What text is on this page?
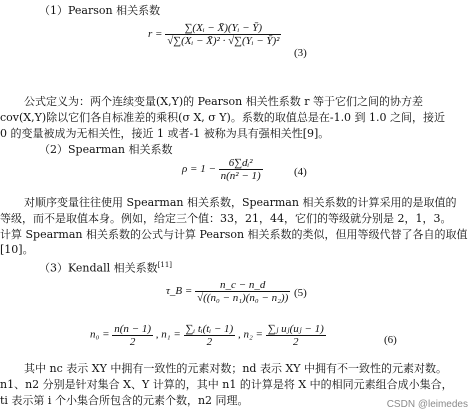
（1）Pearson 相关系数
$r = \frac{\text{∑(Xᵢ − X̄)(Yᵢ − Ȳ)}}{\text{√∑(Xᵢ − X̄)² · √∑(Yᵢ − Ȳ)²}}$
(3)
公式定义为：两个连续变量(X,Y)的 Pearson 相关性系数 r 等于它们之间的协方差
cov(X,Y)除以它们各自标准差的乘积(σ X, σ Y)。系数的取值总是在-1.0 到 1.0 之间，接近
0 的变量被成为无相关性，接近 1 或者-1 被称为具有强相关性[9]。
（2）Spearman 相关系数
$\rho = 1 - \frac{\text{6∑dᵢ²}}{\text{n(n² − 1)}}$	(4)
对顺序变量往往使用 Spearman 相关系数，Spearman 相关系数的计算采用的是取值的
等级，而不是取值本身。例如，给定三个值：33，21，44，它们的等级就分别是 2，1，3。
计算 Spearman 相关系数的公式与计算 Pearson 相关系数的类似，但用等级代替了各自的取值
[10]。
（3）Kendall 相关系数[11]
τ_B = $\frac{n\_c - n\_d}{\text{√((n₀ − n₁)(n₀ − n₂))}} (5)$
$n_0 = \frac{n(n - 1)}{2}$ , $n_1 = \frac{\text{∑ᵢ tᵢ(tᵢ − 1)}}{2}$ , $n_2 = \frac{\text{∑ⱼ uⱼ(uⱼ − 1)}}{2}$	(6)
其中 nc 表示 XY 中拥有一致性的元素对数；nd 表示 XY 中拥有不一致性的元素对数。
n1、n2 分别是针对集合 X、Y 计算的，其中 n1 的计算是将 X 中的相同元素组合成小集合，
ti 表示第 i 个小集合所包含的元素个数，n2 同理。	CSDN @leimedes
